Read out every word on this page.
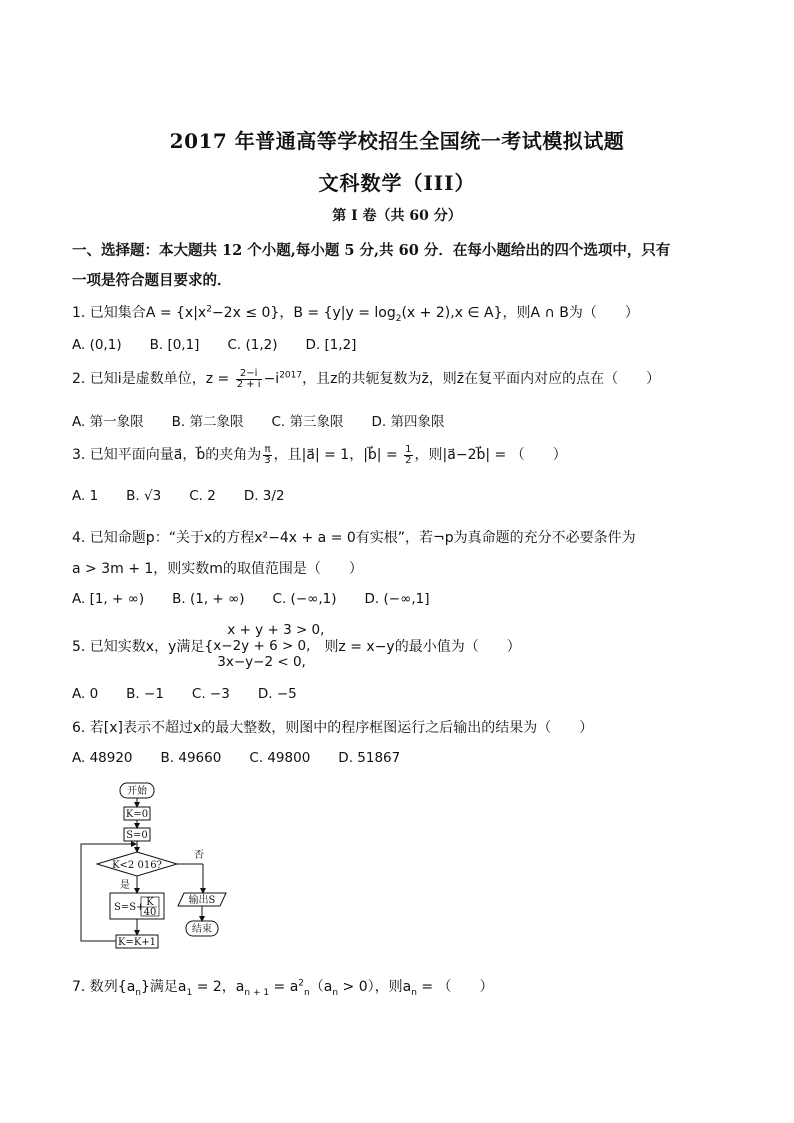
2017 年普通高等学校招生全国统一考试模拟试题
文科数学（III）
第 I 卷（共 60 分）
一、选择题：本大题共 12 个小题,每小题 5 分,共 60 分．在每小题给出的四个选项中，只有
一项是符合题目要求的．
1. 已知集合$A = \{x|x^2-2x \le 0\}$，$B = \{y|y = \log_2(x + 2),x$ ∈ A}，则A ∩ B为（　　）
A. (0,1) B. [0,1] C. (1,2) D. [1,2]
2. 已知i是虚数单位，$z = \frac{2-i}{2 + i} -i^{2017}$，且z的共轭复数为z̄，则z̄在复平面内对应的点在（　　）
A. 第一象限 B. 第二象限 C. 第三象限 D. 第四象限
3. 已知平面向量a⃗，b⃗的夹角为 $\frac{\pi}{3}$ ，且|a⃗| = 1，|b⃗| = $\frac{1}{2}$ ，则|a⃗−2b⃗| = （　　）
A. 1 B. √3 C. 2 D. 3/2
4. 已知命题p：“关于x的方程x²−4x + a = 0有实根”，若¬p为真命题的充分不必要条件为
a > 3m + 1，则实数m的取值范围是（　　）
A. [1, + ∞) B. (1, + ∞) C. (−∞,1) D. (−∞,1]
5. 已知实数x，y满足{
x + y + 3 > 0,
x−2y + 6 > 0,
3x−y−2 < 0,
则z = x−y的最小值为（　　）
A. 0 B. −1 C. −3 D. −5
6. 若[x]表示不超过x的最大整数，则图中的程序框图运行之后输出的结果为（　　）
A. 48920 B. 49660 C. 49800 D. 51867
开始
K=0
S=0
K<2 016?
否
输出S
结束
是
S=S+ K
40
K=K+1
7. 数列$\{a_n\}$满足$a_1 = 2$，$a_{n + 1} = a^2_n(a_n > 0)$，则$a_n$ = （　　）
